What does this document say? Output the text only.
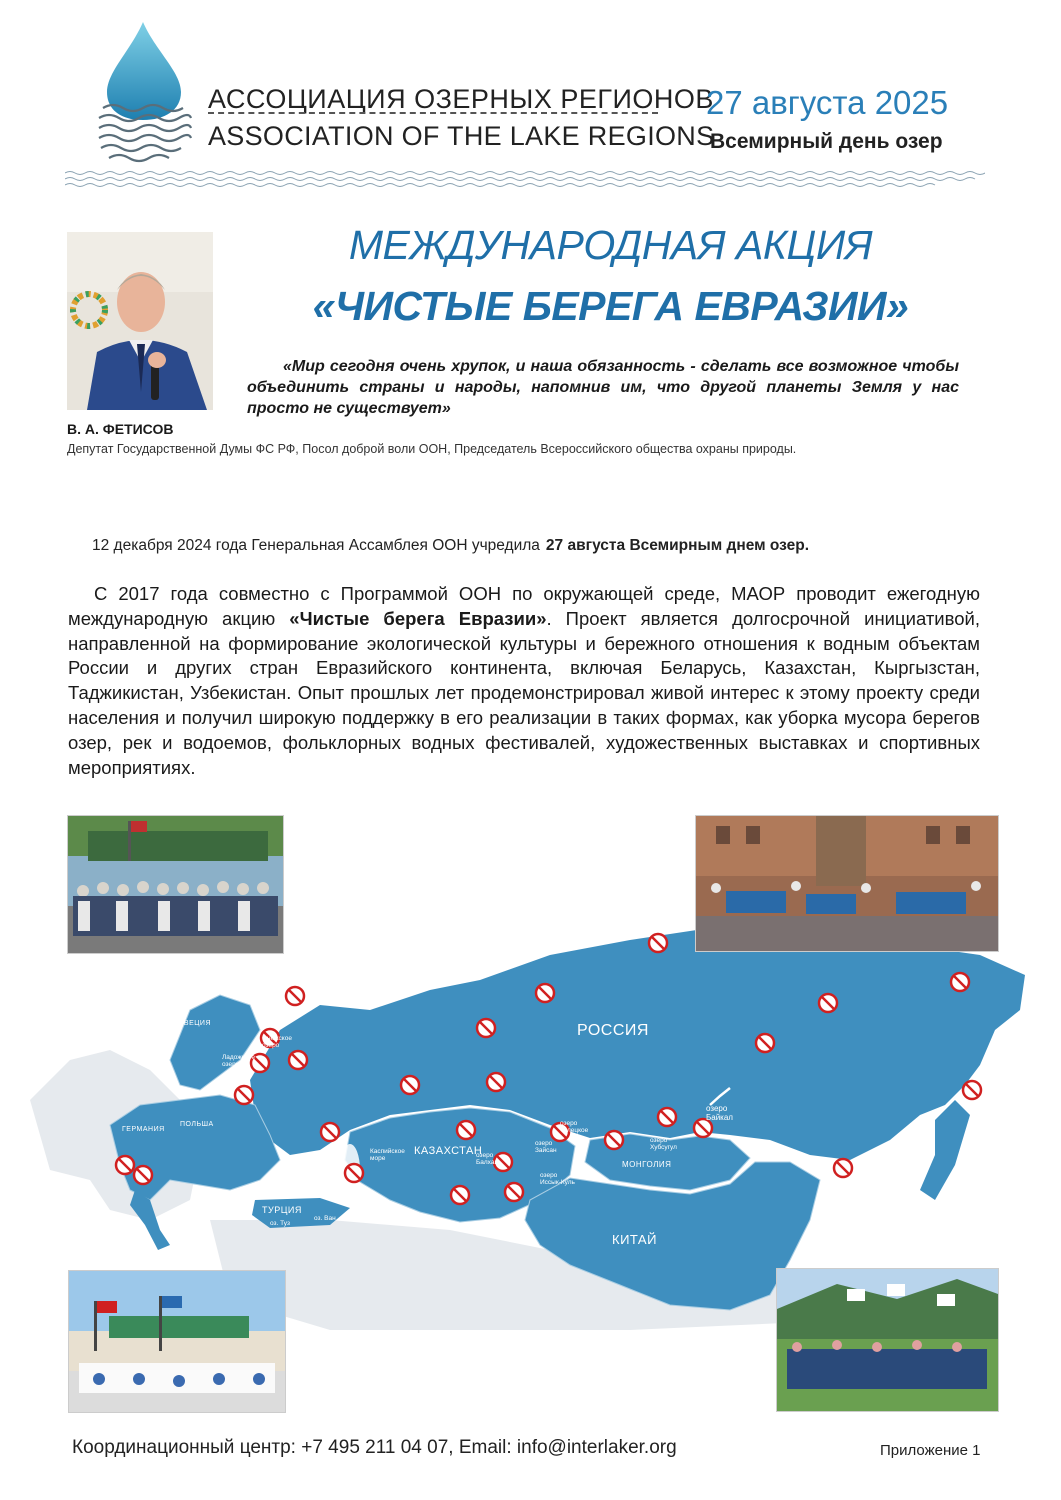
АССОЦИАЦИЯ ОЗЕРНЫХ РЕГИОНОВ
ASSOCIATION OF THE LAKE REGIONS
27 августа 2025
Всемирный день озер
МЕЖДУНАРОДНАЯ АКЦИЯ
«ЧИСТЫЕ БЕРЕГА ЕВРАЗИИ»
«Мир сегодня очень хрупок, и наша обязанность - сделать все возможное чтобы объединить страны и народы, напомнив им, что другой планеты Земля у нас просто не существует»
В. А. ФЕТИСОВ
Депутат Государственной Думы ФС РФ, Посол доброй воли ООН, Председатель Всероссийского общества охраны природы.
12 декабря 2024 года Генеральная Ассамблея ООН учредила 27 августа Всемирным днем озер.
С 2017 года совместно с Программой ООН по окружающей среде, МАОР проводит ежегодную международную акцию «Чистые берега Евразии». Проект является долгосрочной инициативой, направленной на формирование экологической культуры и бережного отношения к водным объектам России и других стран Евразийского континента, включая Беларусь, Казахстан, Кыргызстан, Таджикистан, Узбекистан. Опыт прошлых лет продемонстрировал живой интерес к этому проекту среди населения и получил широкую поддержку в его реализации в таких формах, как уборка мусора берегов озер, рек и водоемов, фольклорных водных фестивалей, художественных выставках и спортивных мероприятиях.
РОССИЯ
КАЗАХСТАН
КИТАЙ
МОНГОЛИЯ
ТУРЦИЯ
ГЕРМАНИЯ
ПОЛЬША
ШВЕЦИЯ
озеро Байкал
Каспийское море
оз. Ван
оз. Туз
озеро Хубсугул
озеро Балхаш
озеро Зайсан
озеро Телецкое
озеро Иссык-Куль
Ладожское озеро
Онежское озеро
Координационный центр: +7 495 211 04 07, Email: info@interlaker.org	Приложение 1
